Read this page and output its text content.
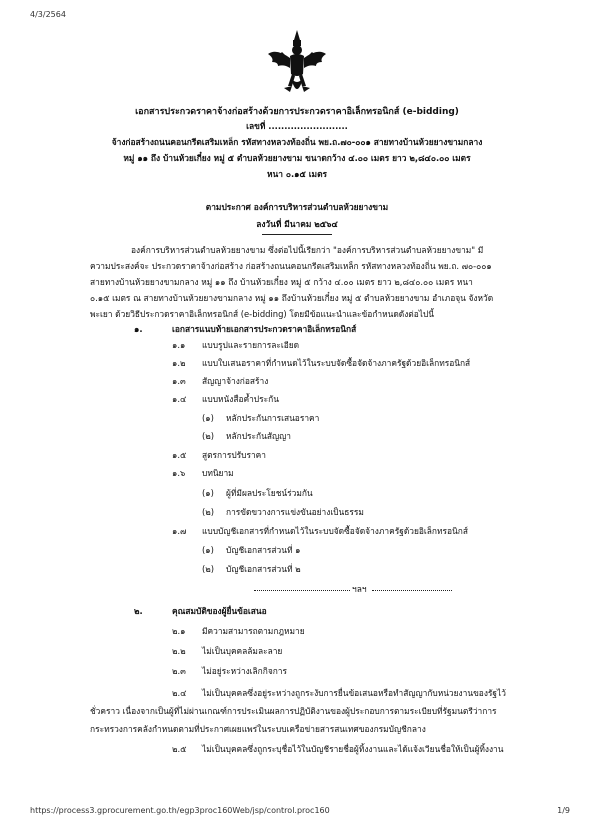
4/3/2564
เอกสารประกวดราคาจ้างก่อสร้างด้วยการประกวดราคาอิเล็กทรอนิกส์ (e-bidding)
เลขที่ .........................
จ้างก่อสร้างถนนคอนกรีตเสริมเหล็ก รหัสทางหลวงท้องถิ่น พย.ถ.๗๐-๐๐๑ สายทางบ้านห้วยยางขามกลาง
หมู่ ๑๑ ถึง บ้านห้วยเกี๋ยง หมู่ ๕ ตำบลห้วยยางขาม ขนาดกว้าง ๔.๐๐ เมตร ยาว ๒,๘๔๐.๐๐ เมตร
หนา ๐.๑๕ เมตร
ตามประกาศ องค์การบริหารส่วนตำบลห้วยยางขาม
ลงวันที่ มีนาคม ๒๕๖๔
องค์การบริหารส่วนตำบลห้วยยางขาม ซึ่งต่อไปนี้เรียกว่า "องค์การบริหารส่วนตำบลห้วยยางขาม" มี
ความประสงค์จะ ประกวดราคาจ้างก่อสร้าง ก่อสร้างถนนคอนกรีตเสริมเหล็ก รหัสทางหลวงท้องถิ่น พย.ถ. ๗๐-๐๐๑
สายทางบ้านห้วยยางขามกลาง หมู่ ๑๑ ถึง บ้านห้วยเกี๋ยง หมู่ ๕ กว้าง ๔.๐๐ เมตร ยาว ๒,๘๔๐.๐๐ เมตร หนา
๐.๑๕ เมตร ณ สายทางบ้านห้วยยางขามกลาง หมู่ ๑๑ ถึงบ้านห้วยเกี๋ยง หมู่ ๕ ตำบลห้วยยางขาม อำเภอจุน จังหวัด
พะเยา ด้วยวิธีประกวดราคาอิเล็กทรอนิกส์ (e-bidding) โดยมีข้อแนะนำและข้อกำหนดดังต่อไปนี้
๑.	เอกสารแนบท้ายเอกสารประกวดราคาอิเล็กทรอนิกส์
๑.๑ แบบรูปและรายการละเอียด
๑.๒ แบบใบเสนอราคาที่กำหนดไว้ในระบบจัดซื้อจัดจ้างภาครัฐด้วยอิเล็กทรอนิกส์
๑.๓ สัญญาจ้างก่อสร้าง
๑.๔ แบบหนังสือค้ำประกัน
(๑) หลักประกันการเสนอราคา
(๒) หลักประกันสัญญา
๑.๕ สูตรการปรับราคา
๑.๖ บทนิยาม
(๑) ผู้ที่มีผลประโยชน์ร่วมกัน
(๒) การขัดขวางการแข่งขันอย่างเป็นธรรม
๑.๗ แบบบัญชีเอกสารที่กำหนดไว้ในระบบจัดซื้อจัดจ้างภาครัฐด้วยอิเล็กทรอนิกส์
(๑) บัญชีเอกสารส่วนที่ ๑
(๒) บัญชีเอกสารส่วนที่ ๒
ฯลฯ
๒.	คุณสมบัติของผู้ยื่นข้อเสนอ
๒.๑ มีความสามารถตามกฎหมาย
๒.๒ ไม่เป็นบุคคลล้มละลาย
๒.๓ ไม่อยู่ระหว่างเลิกกิจการ
๒.๔ ไม่เป็นบุคคลซึ่งอยู่ระหว่างถูกระงับการยื่นข้อเสนอหรือทำสัญญากับหน่วยงานของรัฐไว้
ชั่วคราว เนื่องจากเป็นผู้ที่ไม่ผ่านเกณฑ์การประเมินผลการปฏิบัติงานของผู้ประกอบการตามระเบียบที่รัฐมนตรีว่าการ
กระทรวงการคลังกำหนดตามที่ประกาศเผยแพร่ในระบบเครือข่ายสารสนเทศของกรมบัญชีกลาง
๒.๕ ไม่เป็นบุคคลซึ่งถูกระบุชื่อไว้ในบัญชีรายชื่อผู้ทิ้งงานและได้แจ้งเวียนชื่อให้เป็นผู้ทิ้งงาน
https://process3.gprocurement.go.th/egp3proc160Web/jsp/control.proc160	1/9
